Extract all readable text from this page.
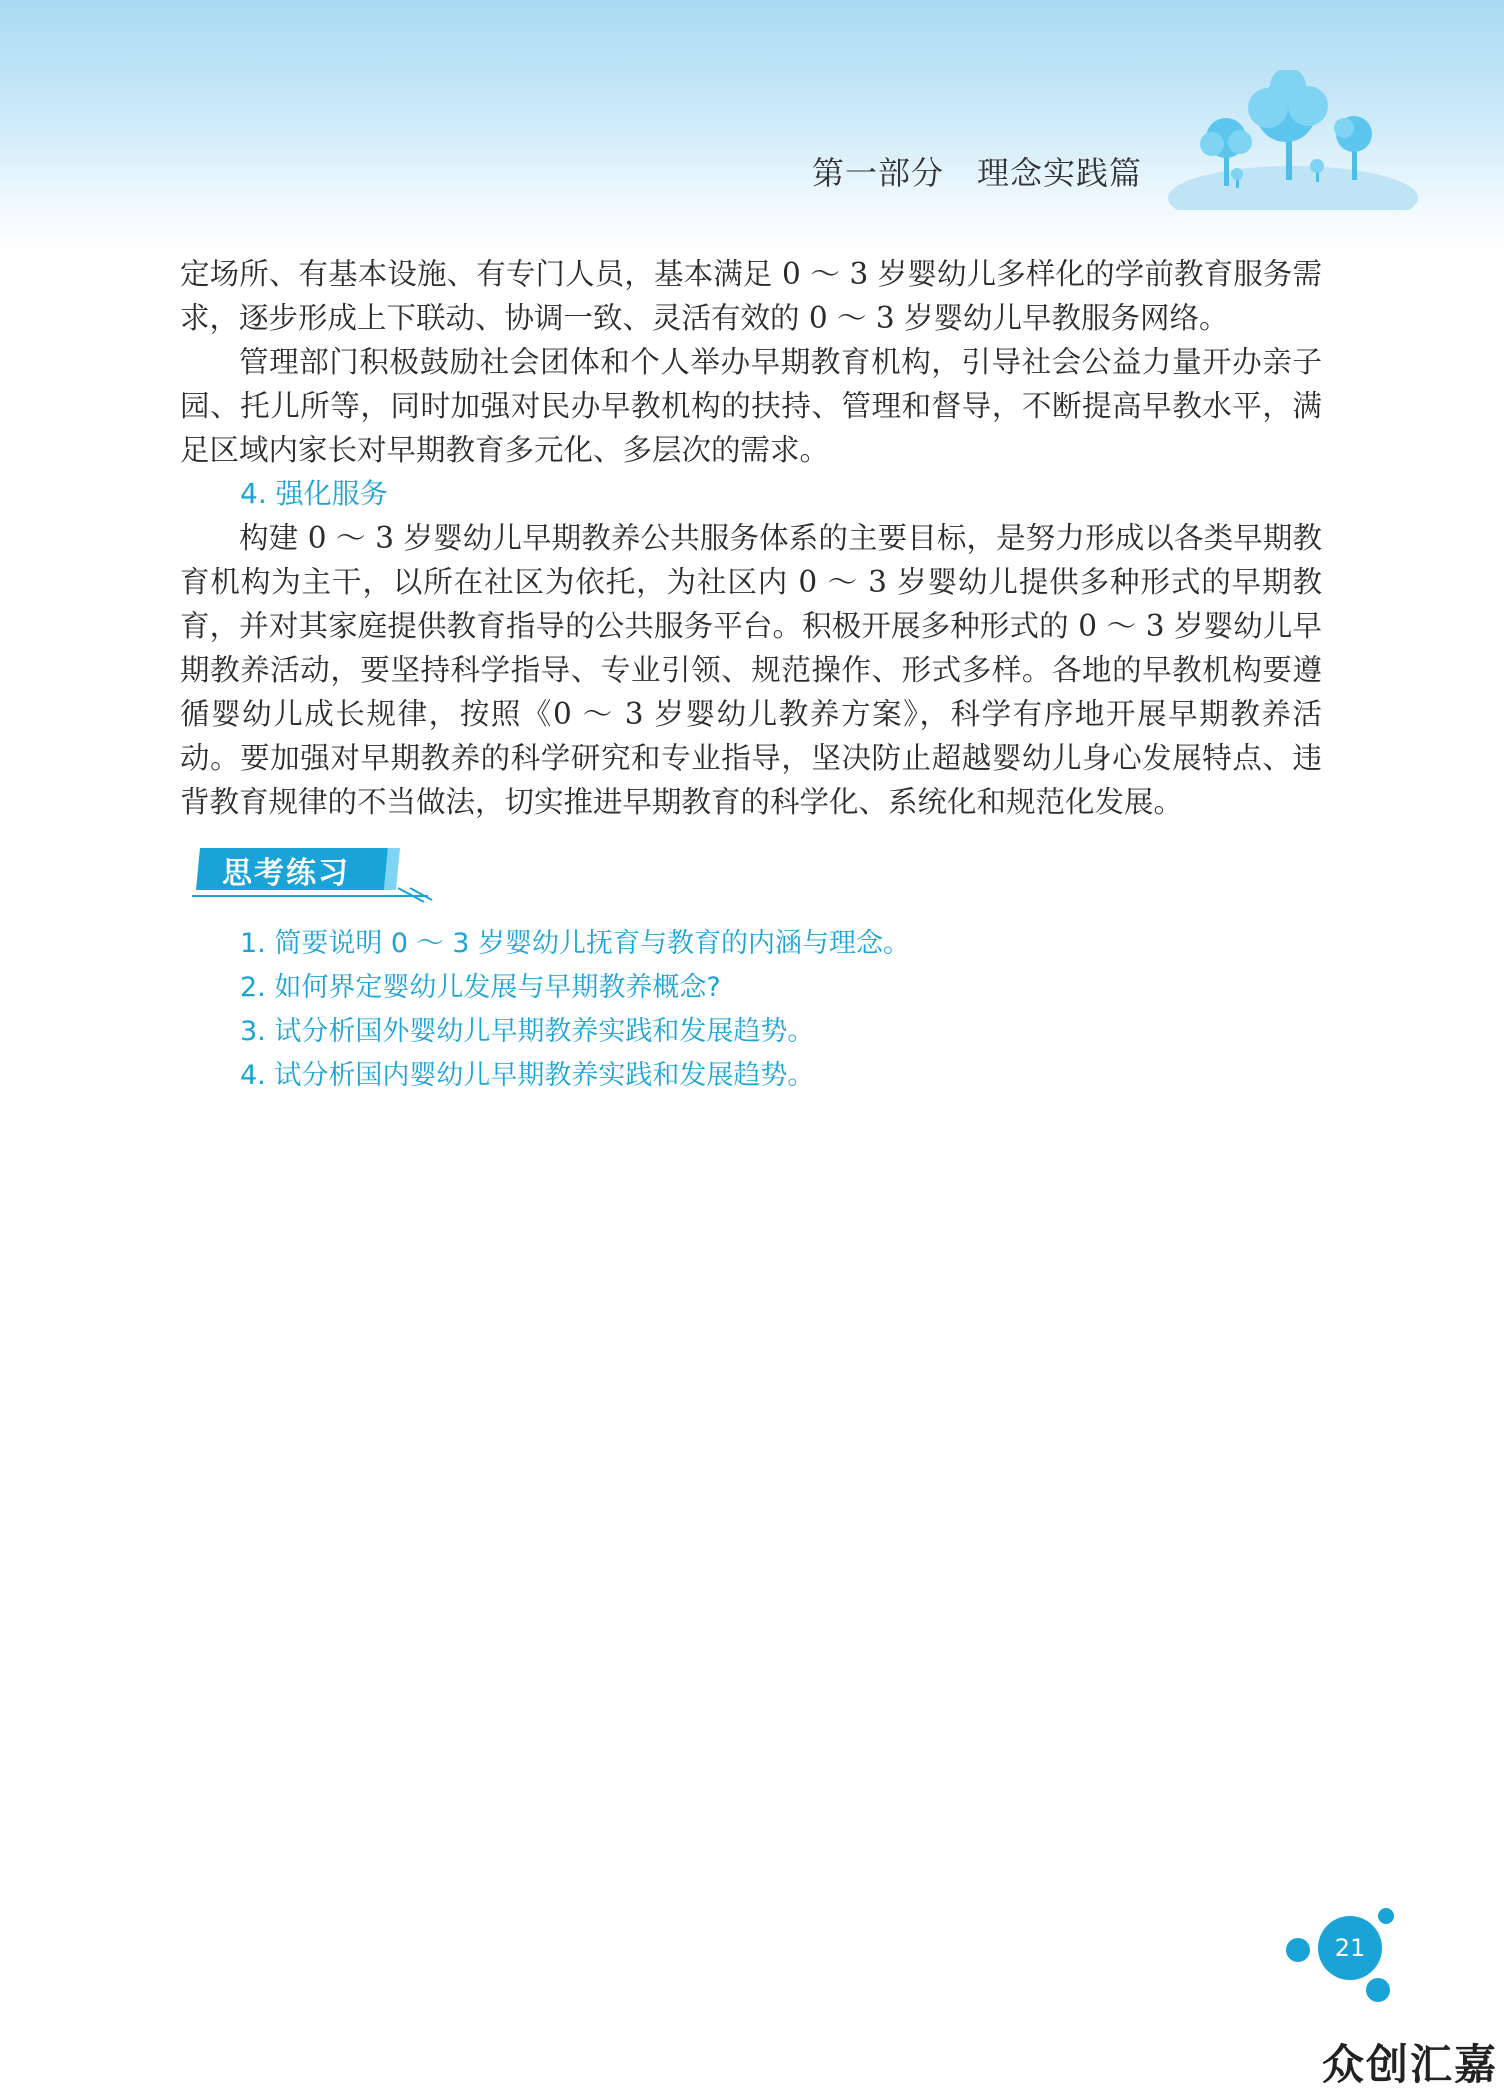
第一部分　理念实践篇

定场所、有基本设施、有专门人员，基本满足 0 ～ 3 岁婴幼儿多样化的学前教育服务需求，逐步形成上下联动、协调一致、灵活有效的 0 ～ 3 岁婴幼儿早教服务网络。

管理部门积极鼓励社会团体和个人举办早期教育机构，引导社会公益力量开办亲子园、托儿所等，同时加强对民办早教机构的扶持、管理和督导，不断提高早教水平，满足区域内家长对早期教育多元化、多层次的需求。

4. 强化服务

构建 0 ～ 3 岁婴幼儿早期教养公共服务体系的主要目标，是努力形成以各类早期教育机构为主干，以所在社区为依托，为社区内 0 ～ 3 岁婴幼儿提供多种形式的早期教育，并对其家庭提供教育指导的公共服务平台。积极开展多种形式的 0 ～ 3 岁婴幼儿早期教养活动，要坚持科学指导、专业引领、规范操作、形式多样。各地的早教机构要遵循婴幼儿成长规律，按照《0 ～ 3 岁婴幼儿教养方案》，科学有序地开展早期教养活动。要加强对早期教养的科学研究和专业指导，坚决防止超越婴幼儿身心发展特点、违背教育规律的不当做法，切实推进早期教育的科学化、系统化和规范化发展。

思考练习

1. 简要说明 0 ～ 3 岁婴幼儿抚育与教育的内涵与理念。

2. 如何界定婴幼儿发展与早期教养概念?

3. 试分析国外婴幼儿早期教养实践和发展趋势。

4. 试分析国内婴幼儿早期教养实践和发展趋势。

21
众创汇嘉
